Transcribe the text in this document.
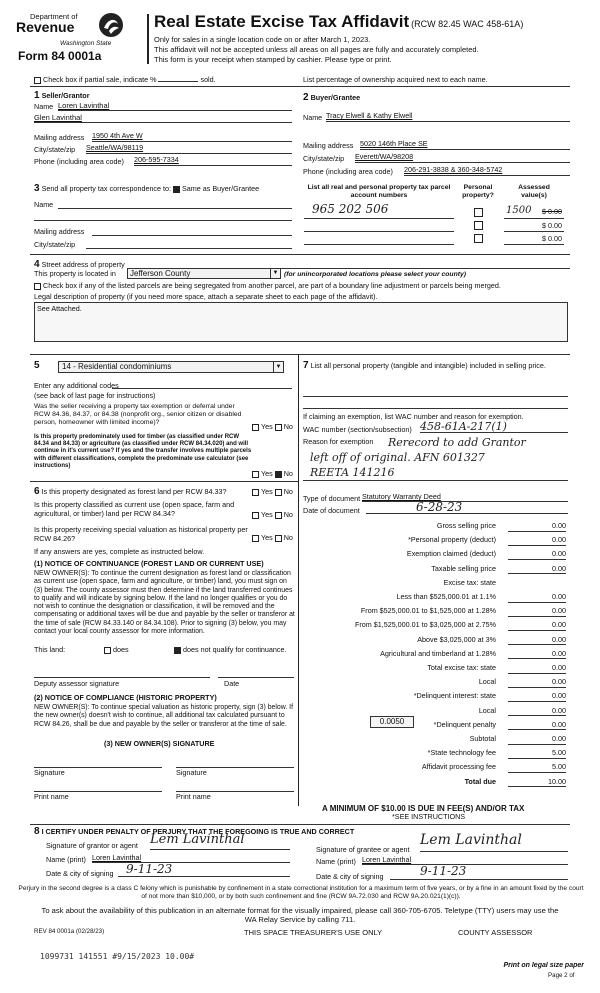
Department of
Revenue
Washington State
Form 84 0001a
Real Estate Excise Tax Affidavit (RCW 82.45 WAC 458-61A)
Only for sales in a single location code on or after March 1, 2023.
This affidavit will not be accepted unless all areas on all pages are fully and accurately completed.
This form is your receipt when stamped by cashier. Please type or print.
Check box if partial sale, indicate %	sold.	List percentage of ownership acquired next to each name.
1 Seller/Grantor
Name Loren Lavinthal
Glen Lavinthal
Mailing address 1950 4th Ave W
City/state/zip Seattle/WA/98119
Phone (including area code) 206-595-7334
2 Buyer/Grantee
Name Tracy Elwell & Kathy Elwell
Mailing address 5020 146th Place SE
City/state/zip Everett/WA/98208
Phone (including area code) 206-291-3838 & 360-348-5742
3 Send all property tax correspondence to: Same as Buyer/Grantee
Name
Mailing address
City/state/zip
List all real and personal property tax parcel account numbers
Personal property?
Assessed value(s)
965 202 506	1500	$ 0.00
$ 0.00
$ 0.00
4 Street address of property
This property is located in	Jefferson County	▼ (for unincorporated locations please select your county)
Check box if any of the listed parcels are being segregated from another parcel, are part of a boundary line adjustment or parcels being merged.
Legal description of property (if you need more space, attach a separate sheet to each page of the affidavit).
See Attached.
5	14 - Residential condominiums	▼
Enter any additional codes
(see back of last page for instructions)
Was the seller receiving a property tax exemption or deferral under RCW 84.36, 84.37, or 84.38 (nonprofit org., senior citizen or disabled person, homeowner with limited income)?	Yes No
Is this property predominately used for timber (as classified under RCW 84.34 and 84.33) or agriculture (as classified under RCW 84.34.020) and will continue in it's current use? If yes and the transfer involves multiple parcels with different classifications, complete the predominate use calculator (see instructions)
Yes No
6 Is this property designated as forest land per RCW 84.33?	Yes No
Is this property classified as current use (open space, farm and agricultural, or timber) land per RCW 84.34?	Yes No
Is this property receiving special valuation as historical property per RCW 84.26?	Yes No
If any answers are yes, complete as instructed below.
(1) NOTICE OF CONTINUANCE (FOREST LAND OR CURRENT USE)
NEW OWNER(S): To continue the current designation as forest land or classification as current use (open space, farm and agriculture, or timber) land, you must sign on (3) below. The county assessor must then determine if the land transferred continues to qualify and will indicate by signing below. If the land no longer qualifies or you do not wish to continue the designation or classification, it will be removed and the compensating or additional taxes will be due and payable by the seller or transferor at the time of sale (RCW 84.33.140 or 84.34.108). Prior to signing (3) below, you may contact your local county assessor for more information.
This land:	does	does not qualify for continuance.
Deputy assessor signature	Date
(2) NOTICE OF COMPLIANCE (HISTORIC PROPERTY)
NEW OWNER(S): To continue special valuation as historic property, sign (3) below. If the new owner(s) doesn't wish to continue, all additional tax calculated pursuant to RCW 84.26, shall be due and payable by the seller or transferor at the time of sale.
(3) NEW OWNER(S) SIGNATURE
Signature	Signature
Print name	Print name
7 List all personal property (tangible and intangible) included in selling price.
If claiming an exemption, list WAC number and reason for exemption.
WAC number (section/subsection) 458-61A-217(1)
Reason for exemption Rerecord to add Grantor
left off of original. AFN 601327
REETA 141216
Type of document Statutory Warranty Deed
Date of document	6-28-23
Gross selling price	0.00
*Personal property (deduct)	0.00
Exemption claimed (deduct)	0.00
Taxable selling price	0.00
Excise tax: state
Less than $525,000.01 at 1.1%	0.00
From $525,000.01 to $1,525,000 at 1.28%	0.00
From $1,525,000.01 to $3,025,000 at 2.75%	0.00
Above $3,025,000 at 3%	0.00
Agricultural and timberland at 1.28%	0.00
Total excise tax: state	0.00
Local	0.00
*Delinquent interest: state	0.00
Local	0.00
*Delinquent penalty	0.00
Subtotal	0.00
*State technology fee	5.00
Affidavit processing fee	5.00
Total due	10.00
0.0050
A MINIMUM OF $10.00 IS DUE IN FEE(S) AND/OR TAX
*SEE INSTRUCTIONS
8 I CERTIFY UNDER PENALTY OF PERJURY THAT THE FOREGOING IS TRUE AND CORRECT
Signature of grantor or agent Lem Lavinthal
Name (print) Loren Lavinthal
Date & city of signing	9-11-23
Signature of grantee or agent
Lem Lavinthal
Name (print) Loren Lavinthal
Date & city of signing	9-11-23
Perjury in the second degree is a class C felony which is punishable by confinement in a state correctional institution for a maximum term of five years, or by a fine in an amount fixed by the court of not more than $10,000, or by both such confinement and fine (RCW 9A.72.030 and RCW 9A.20.021(1)(c)).
To ask about the availability of this publication in an alternate format for the visually impaired, please call 360-705-6705. Teletype (TTY) users may use the WA Relay Service by calling 711.
REV 84 0001a (02/28/23)	THIS SPACE TREASURER'S USE ONLY	COUNTY ASSESSOR
1099731 141551 #9/15/2023 10.00#
Print on legal size paper
Page 2 of
